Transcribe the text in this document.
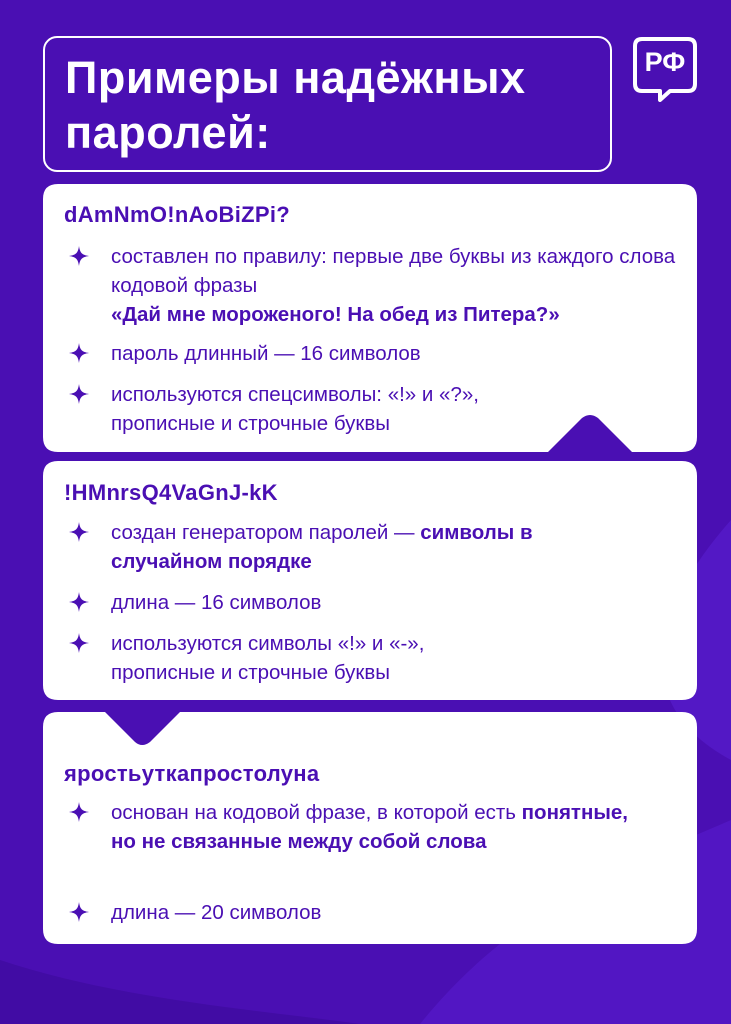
Примеры надёжных паролей:
РФ

dAmNmO!nAoBiZPi?

составлен по правилу: первые две буквы из каждого слова кодовой фразы
«Дай мне мороженого! На обед из Питера?»
пароль длинный — 16 символов
используются спецсимволы: «!» и «?», прописные и строчные буквы

!HMnrsQ4VaGnJ-kK

создан генератором паролей — символы в случайном порядке
длина — 16 символов
используются символы «!» и «-», прописные и строчные буквы

яростьуткапростолуна

основан на кодовой фразе, в которой есть понятные, но не связанные между собой слова
длина — 20 символов
